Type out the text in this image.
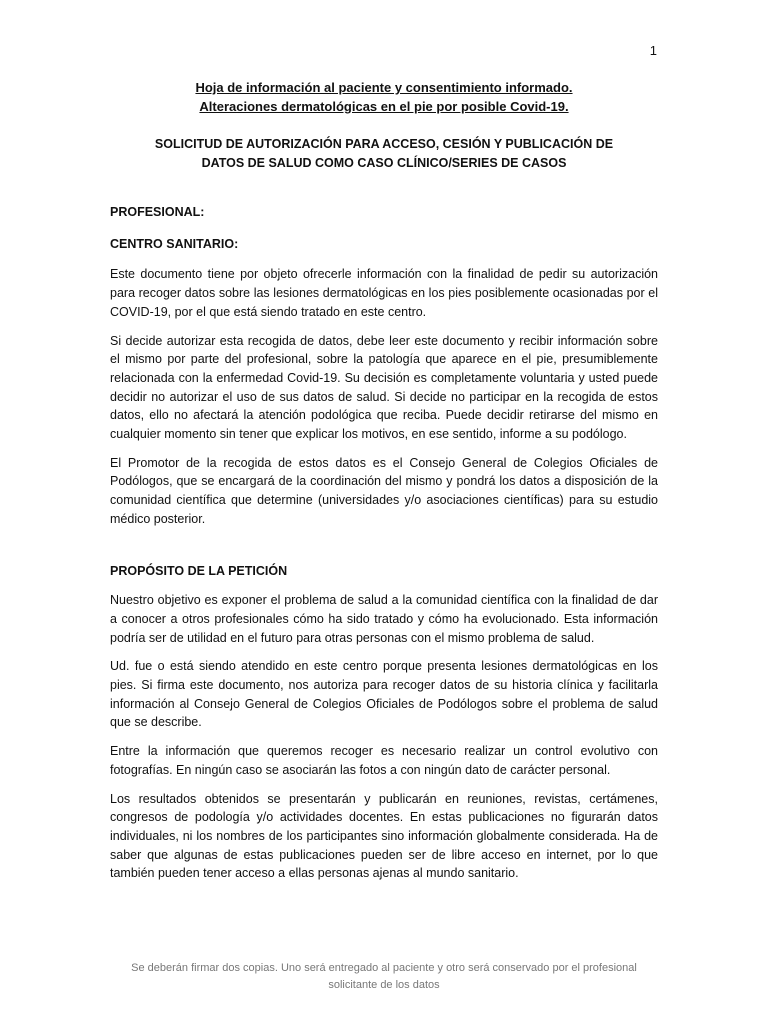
1
Hoja de información al paciente y consentimiento informado.
Alteraciones dermatológicas en el pie por posible Covid-19.
SOLICITUD DE AUTORIZACIÓN PARA ACCESO, CESIÓN Y PUBLICACIÓN DE
DATOS DE SALUD COMO CASO CLÍNICO/SERIES DE CASOS

PROFESIONAL:

CENTRO SANITARIO:

Este documento tiene por objeto ofrecerle información con la finalidad de pedir su autorización para recoger datos sobre las lesiones dermatológicas en los pies posiblemente ocasionadas por el COVID-19, por el que está siendo tratado en este centro.

Si decide autorizar esta recogida de datos, debe leer este documento y recibir información sobre el mismo por parte del profesional, sobre la patología que aparece en el pie, presumiblemente relacionada con la enfermedad Covid-19. Su decisión es completamente voluntaria y usted puede decidir no autorizar el uso de sus datos de salud. Si decide no participar en la recogida de estos datos, ello no afectará la atención podológica que reciba. Puede decidir retirarse del mismo en cualquier momento sin tener que explicar los motivos, en ese sentido, informe a su podólogo.

El Promotor de la recogida de estos datos es el Consejo General de Colegios Oficiales de Podólogos, que se encargará de la coordinación del mismo y pondrá los datos a disposición de la comunidad científica que determine (universidades y/o asociaciones científicas) para su estudio médico posterior.

PROPÓSITO DE LA PETICIÓN

Nuestro objetivo es exponer el problema de salud a la comunidad científica con la finalidad de dar a conocer a otros profesionales cómo ha sido tratado y cómo ha evolucionado. Esta información podría ser de utilidad en el futuro para otras personas con el mismo problema de salud.

Ud. fue o está siendo atendido en este centro porque presenta lesiones dermatológicas en los pies. Si firma este documento, nos autoriza para recoger datos de su historia clínica y facilitarla información al Consejo General de Colegios Oficiales de Podólogos sobre el problema de salud que se describe.

Entre la información que queremos recoger es necesario realizar un control evolutivo con fotografías. En ningún caso se asociarán las fotos a con ningún dato de carácter personal.

Los resultados obtenidos se presentarán y publicarán en reuniones, revistas, certámenes, congresos de podología y/o actividades docentes. En estas publicaciones no figurarán datos individuales, ni los nombres de los participantes sino información globalmente considerada. Ha de saber que algunas de estas publicaciones pueden ser de libre acceso en internet, por lo que también pueden tener acceso a ellas personas ajenas al mundo sanitario.

Se deberán firmar dos copias. Uno será entregado al paciente y otro será conservado por el profesional
solicitante de los datos
